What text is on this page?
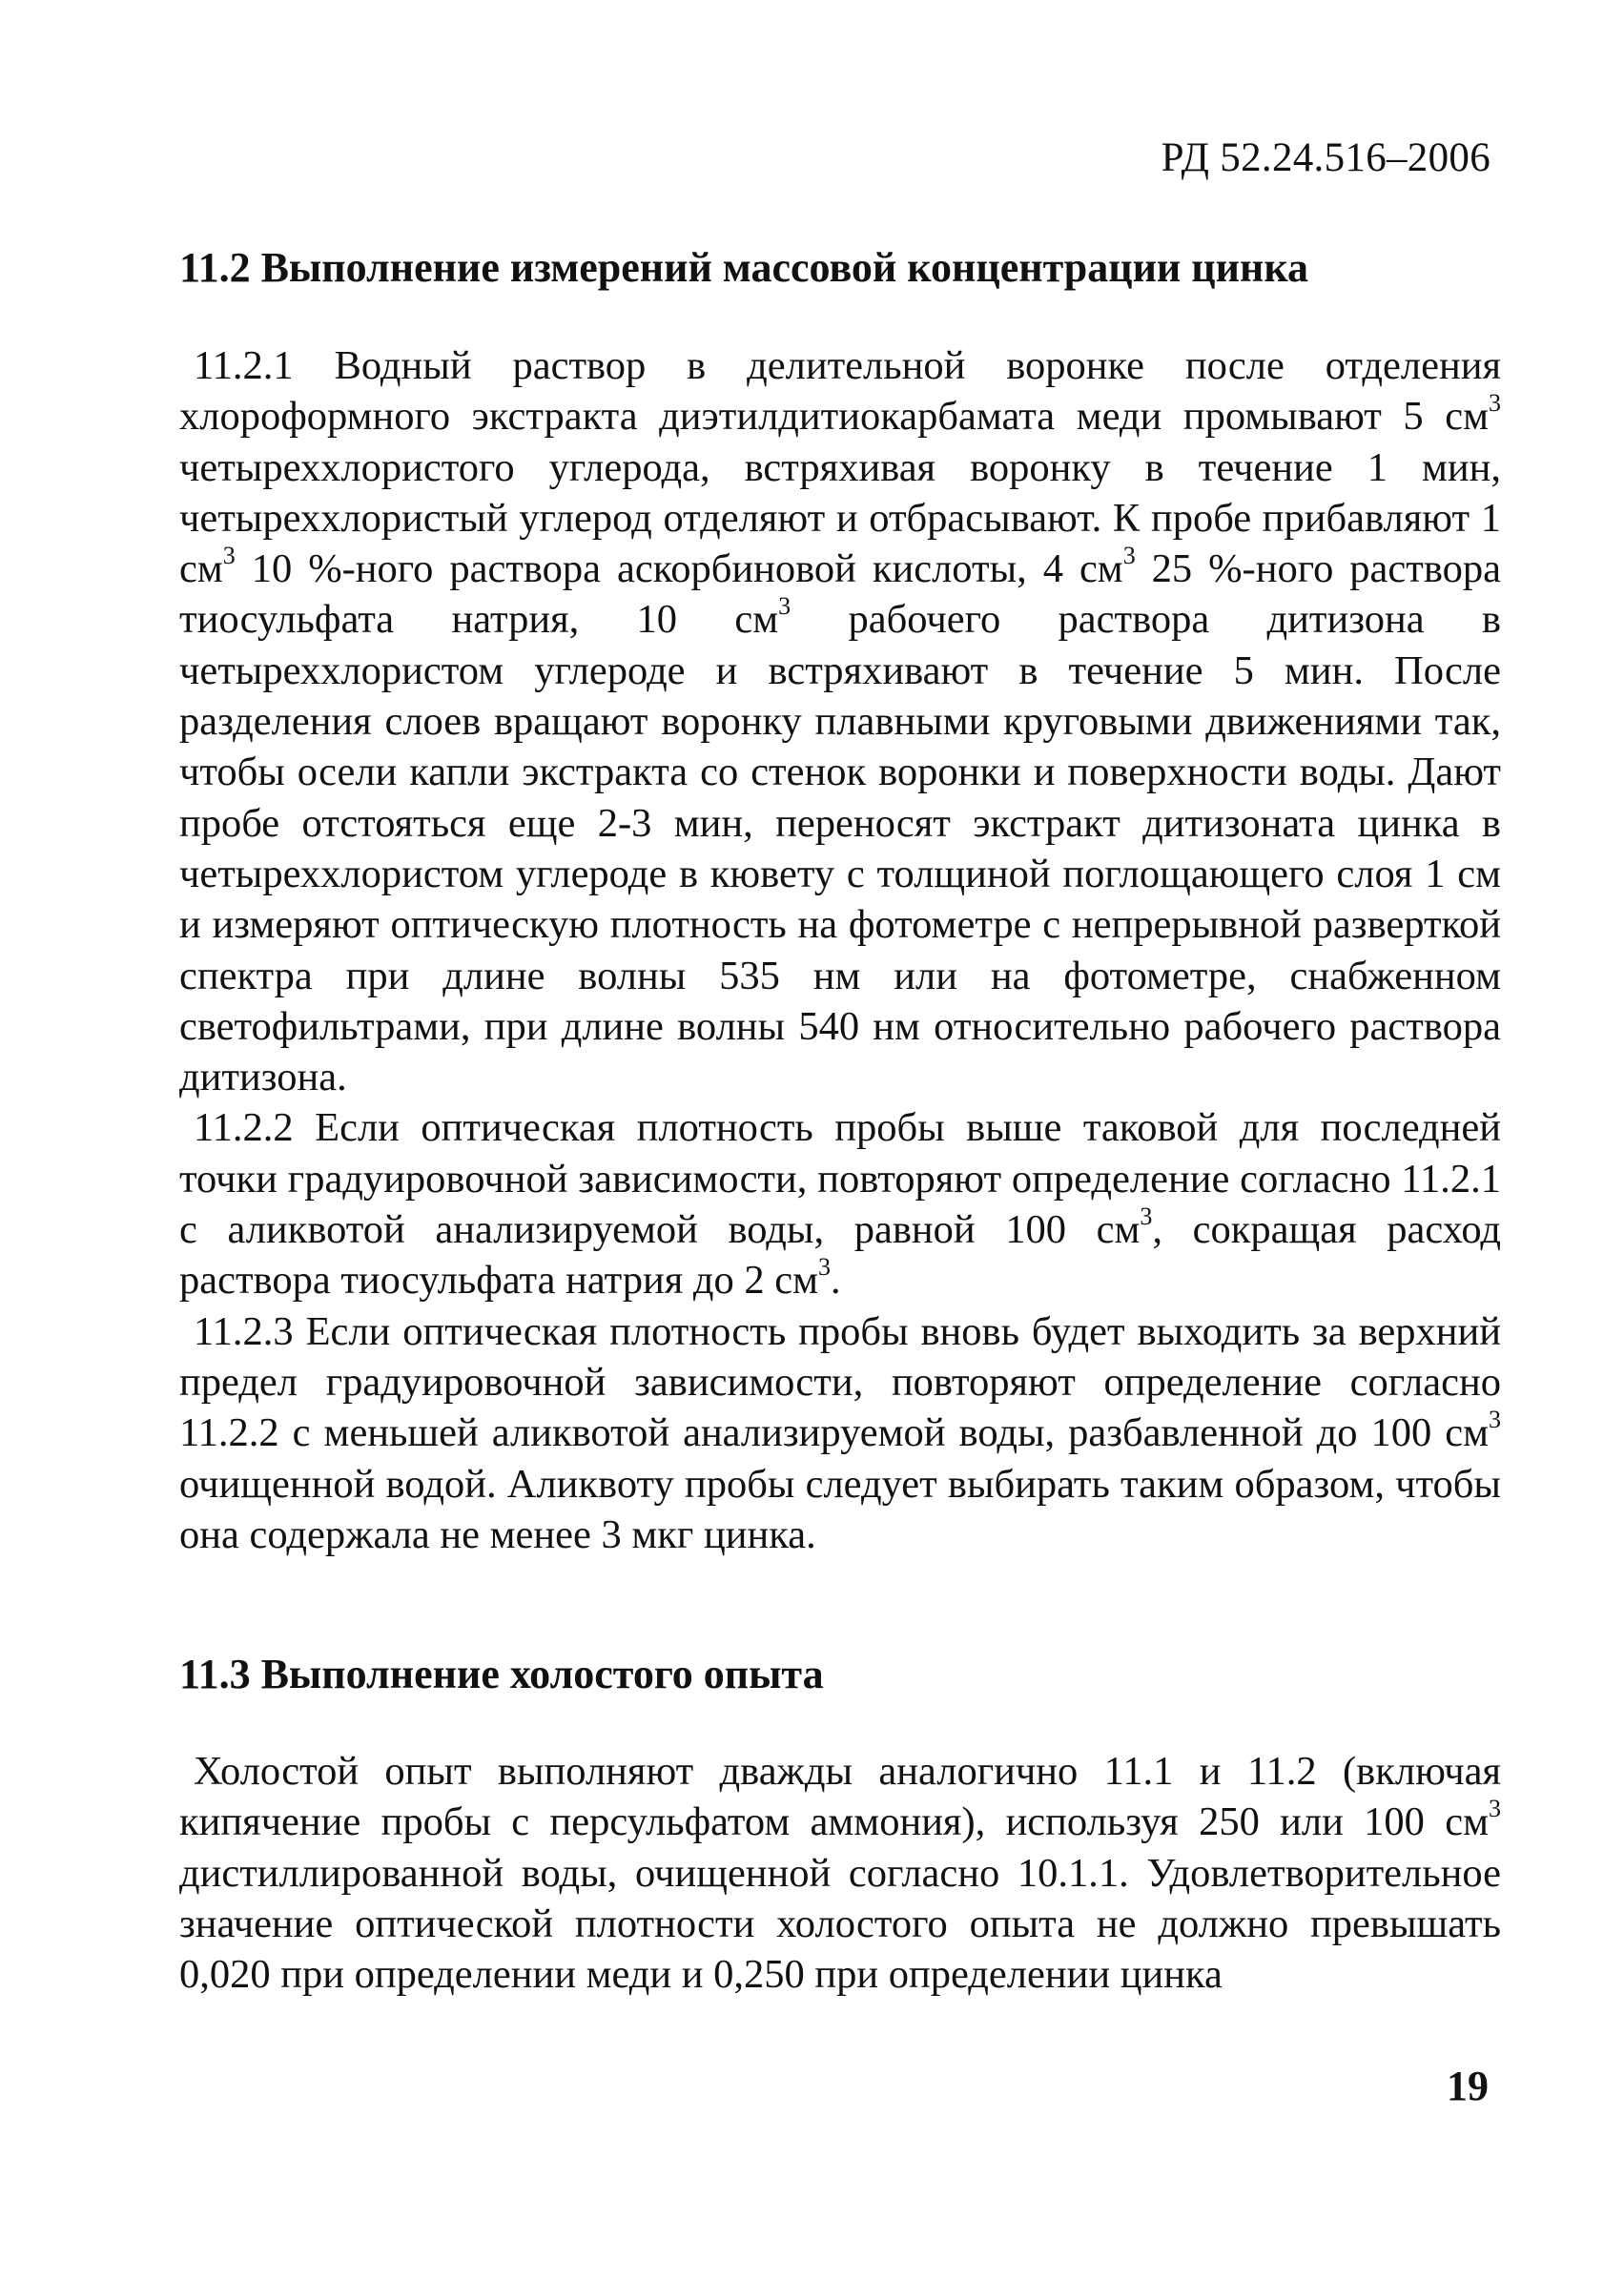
РД 52.24.516–2006
11.2 Выполнение измерений массовой концентрации цинка

11.2.1 Водный раствор в делительной воронке после отделения хлороформного экстракта диэтилдитиокарбамата меди промывают 5 $см^3$ четыреххлористого углерода, встряхивая воронку в течение 1 мин, четыреххлористый углерод отделяют и отбрасывают. К пробе прибавляют 1 $см^3$ 10 %-ного раствора аскорбиновой кислоты, 4 $см^3$ 25 %-ного раствора тиосульфата натрия, 10 $см^3$ рабочего раствора дитизона в четыреххлористом углероде и встряхивают в течение 5 мин. После разделения слоев вращают воронку плавными круговыми движениями так, чтобы осели капли экстракта со стенок воронки и поверхности воды. Дают пробе отстояться еще 2-3 мин, переносят экстракт дитизоната цинка в четыреххлористом углероде в кювету с толщиной поглощающего слоя 1 см и измеряют оптическую плотность на фотометре с непрерывной разверткой спектра при длине волны 535 нм или на фотометре, снабженном светофильтрами, при длине волны 540 нм относительно рабочего раствора дитизона.

11.2.2 Если оптическая плотность пробы выше таковой для последней точки градуировочной зависимости, повторяют определение согласно 11.2.1 с аликвотой анализируемой воды, равной 100 $см^3$, сокращая расход раствора тиосульфата натрия до 2 $см^3$.

11.2.3 Если оптическая плотность пробы вновь будет выходить за верхний предел градуировочной зависимости, повторяют определение согласно 11.2.2 с меньшей аликвотой анализируемой воды, разбавленной до 100 $см^3$ очищенной водой. Аликвоту пробы следует выбирать таким образом, чтобы она содержала не менее 3 мкг цинка.

11.3 Выполнение холостого опыта

Холостой опыт выполняют дважды аналогично 11.1 и 11.2 (включая кипячение пробы с персульфатом аммония), используя 250 или 100 $см^3$ дистиллированной воды, очищенной согласно 10.1.1. Удовлетворительное значение оптической плотности холостого опыта не должно превышать 0,020 при определении меди и 0,250 при определении цинка

19
